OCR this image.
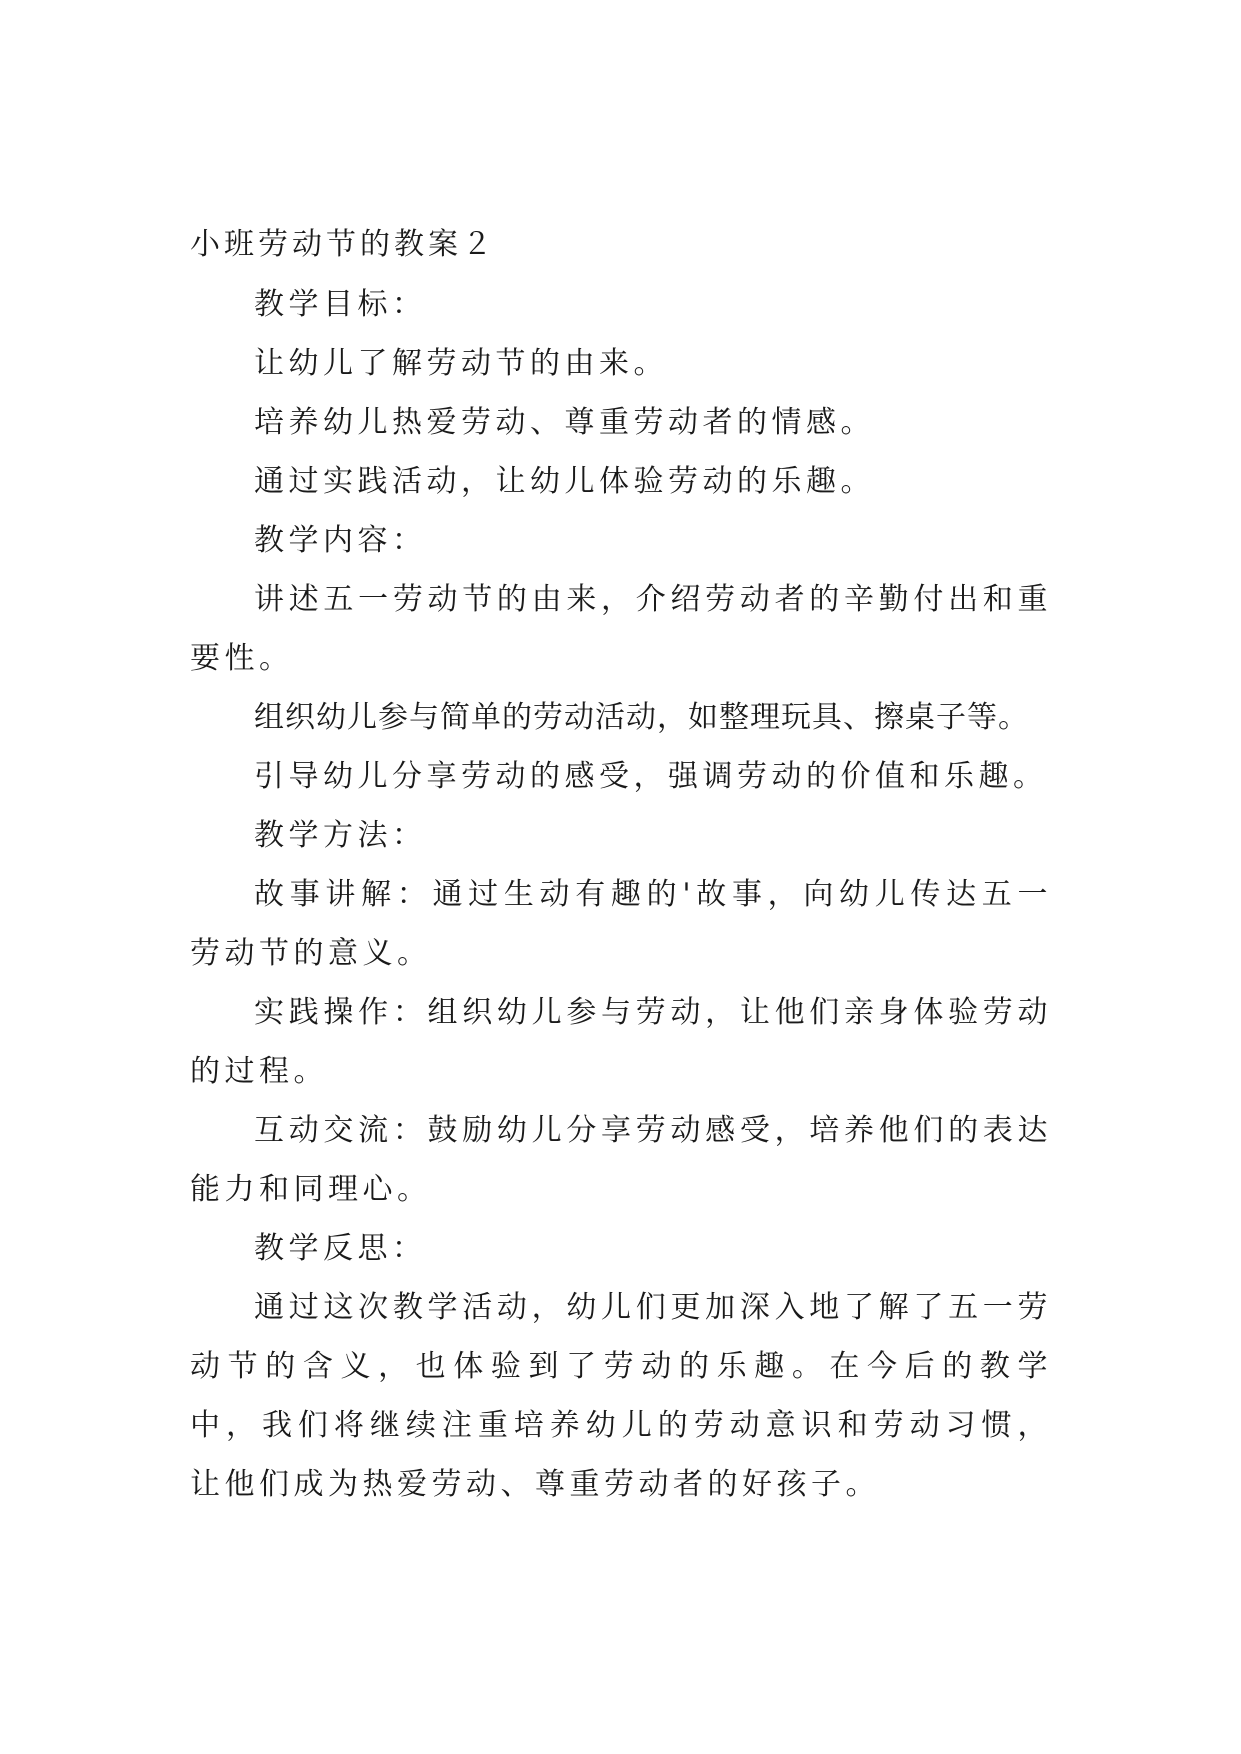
小班劳动节的教案２

教学目标：

让幼儿了解劳动节的由来。

培养幼儿热爱劳动、尊重劳动者的情感。

通过实践活动，让幼儿体验劳动的乐趣。

教学内容：

讲述五一劳动节的由来，介绍劳动者的辛勤付出和重要性。

组织幼儿参与简单的劳动活动，如整理玩具、擦桌子等。

引导幼儿分享劳动的感受，强调劳动的价值和乐趣。

教学方法：

故事讲解：通过生动有趣的'故事，向幼儿传达五一劳动节的意义。

实践操作：组织幼儿参与劳动，让他们亲身体验劳动的过程。

互动交流：鼓励幼儿分享劳动感受，培养他们的表达能力和同理心。

教学反思：

通过这次教学活动，幼儿们更加深入地了解了五一劳动节的含义，也体验到了劳动的乐趣。在今后的教学中，我们将继续注重培养幼儿的劳动意识和劳动习惯，让他们成为热爱劳动、尊重劳动者的好孩子。
